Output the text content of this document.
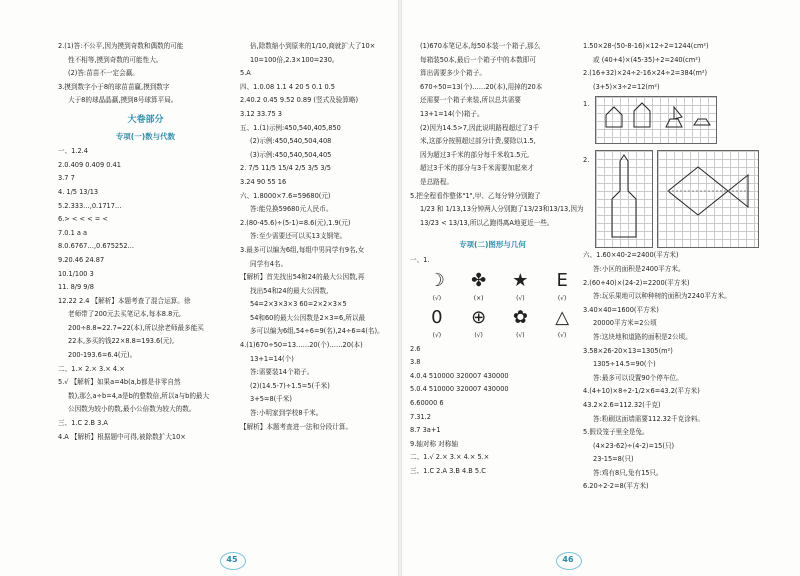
2.(1)答:不公平,因为摸到奇数和偶数的可能

性不相等,摸到奇数的可能性大。

(2)答:苗苗不一定会赢。

3.摸到数字小于8的球苗苗赢,摸到数字

大于8的球晶晶赢,摸到8号球算平局。

大卷部分
专项(一)数与代数

一、1.2.4

2.0.409 0.409 0.41

3.7 7

4. 1/5 13/13

5.2.333…,0.1717…

6.> < < < = <

7.0.1 a a

8.0.6767…,0.675252…

9.20.46 24.87

10.1/100 3

11. 8/9 9/8

12.22 2.4 【解析】本题考查了混合运算。徐

老师带了200元去买笔记本,每本8.8元,

200÷8.8≈22.7≈22(本),所以徐老师最多能买

22本,多买的钱22×8.8=193.6(元),

200-193.6=6.4(元)。

二、1.× 2.× 3.× 4.×

5.√ 【解析】如果a=4b(a,b都是非零自然

数),那么a÷b=4,a是b的整数倍,所以a与b的最大

公因数为较小的数,最小公倍数为较大的数。

三、1.C 2.B 3.A

4.A 【解析】根据题中可得,被除数扩大10×

倍,除数缩小到原来的1/10,商就扩大了10×

10=100倍,2.3×100=230。

5.A

四、1.0.08 1.1 4 20 5 0.1 0.5

2.40.2 0.45 9.52 0.89 (竖式及验算略)

3.12 33.75 3

五、1.(1)示例:450,540,405,850

(2)示例:450,540,504,408

(3)示例:450,540,504,405

2. 7/5 11/5 15/4 2/5 3/5 3/5

3.24 90 55 16

六、1.8000×7.6=59680(元)

答:能兑换59680元人民币。

2.(80-45.6)÷(5-1)=8.6(元),1.9(元)

答:至少需要还可以买13支钢笔。

3.最多可以编为6组,每组中男同学有9名,女

同学有4名。

【解析】首先找出54和24的最大公因数,再

找出54和24的最大公因数,

54=2×3×3×3 60=2×2×3×5

54和60的最大公因数是2×3=6,所以最

多可以编为6组,54÷6=9(名),24÷6=4(名)。

4.(1)670÷50=13……20(个)……20(本)

13+1=14(个)

答:需要装14个箱子。

(2)(14.5-7)÷1.5=5(千米)

3+5=8(千米)

答:小明家到学校8千米。

【解析】本题考查进一法和分段计算。

(1)670本笔记本,每50本装一个箱子,那么

每箱装50本,最后一个箱子中的本数即可

算出需要多少个箱子。

670÷50=13(个)……20(本),用掉的20本

还需要一个箱子来装,所以总共需要

13+1=14(个)箱子。

(2)因为14.5>7,因此说明路程超过了3千

米,这部分按照超过部分计费,要除以1.5,

因为超过3千米的部分每千米收1.5元,

超过3千米的部分与3千米需要加起来才

是总路程。

5.把全程看作整体"1",甲、乙每分钟分别跑了

1/23 和 1/13,13分钟两人分别跑了13/23和13/13,因为

13/23 < 13/13,所以乙跑得离A地更近一些。

专项(二)图形与几何

一、1.

☽
(√)
✤
(×)
★
(√)
E
(√)
0
(√)
⊕
(√)
✿
(√)
△
(√)

2.6

3.8

4.0.4 510000 320007 430000

5.0.4 510000 320007 430000

6.60000 6

7.31.2

8.7 3a+1

9.轴对称 对称轴

二、1.√ 2.× 3.× 4.× 5.×

三、1.C 2.A 3.B 4.B 5.C

1.50×28-(50-8-16)×12÷2=1244(cm²)

或 (40+4)×(45-35)÷2=240(cm²)

2.(16+32)×24÷2-16×24÷2=384(m²)

(3+5)×3÷2=12(m²)

1.
2.

六、1.60×40-2=2400(平方米)

答:小区的面积是2400平方米。

2.(60+40)×(24-2)=2200(平方米)

答:玩乐果地可以种种树的面积为2240平方米。

3.40×40=1600(平方米)

20000平方米=2公顷

答:这块地和道路的面积是2公顷。

3.58×26-20×13=1305(m²)

1305÷14.5=90(个)

答:最多可以设置90个停车位。

4.(4+10)×8÷2-1/2×6=43.2(平方米)

43.2×2.6=112.32(千克)

答:粉刷这面墙需要112.32千克涂料。

5.假设笼子里全是兔。

(4×23-62)÷(4-2)=15(只)

23-15=8(只)

答:鸡有8只,兔有15只。

6.20÷2-2=8(平方米)

45	46
